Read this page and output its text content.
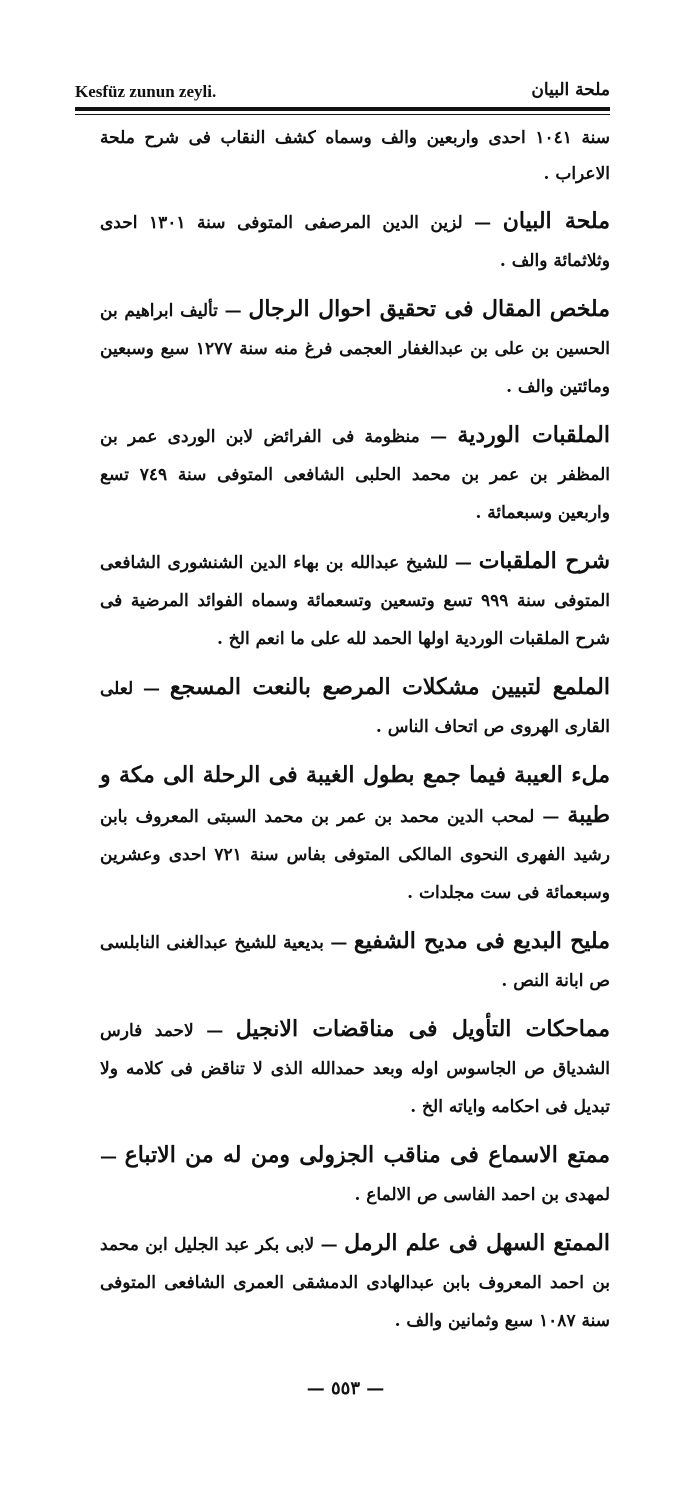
Kesfüz zunun zeyli.	ملحة البيان

سنة ١٠٤١ احدى واربعين والف وسماه كشف النقاب فى شرح ملحة الاعراب .

ملحة البيان — لزين الدين المرصفى المتوفى سنة ١٣٠١ احدى وثلاثمائة والف .

ملخص المقال فى تحقيق احوال الرجال — تأليف ابراهيم بن الحسين بن على بن عبدالغفار العجمى فرغ منه سنة ١٢٧٧ سبع وسبعين ومائتين والف .

الملقبات الوردية — منظومة فى الفرائض لابن الوردى عمر بن المظفر بن عمر بن محمد الحلبى الشافعى المتوفى سنة ٧٤٩ تسع واربعين وسبعمائة .

شرح الملقبات — للشيخ عبدالله بن بهاء الدين الشنشورى الشافعى المتوفى سنة ٩٩٩ تسع وتسعين وتسعمائة وسماه الفوائد المرضية فى شرح الملقبات الوردية اولها الحمد لله على ما انعم الخ .

الملمع لتبيين مشكلات المرصع بالنعت المسجع — لعلى القارى الهروى ص اتحاف الناس .

ملء العيبة فيما جمع بطول الغيبة فى الرحلة الى مكة و طيبة — لمحب الدين محمد بن عمر بن محمد السبتى المعروف بابن رشيد الفهرى النحوى المالكى المتوفى بفاس سنة ٧٢١ احدى وعشرين وسبعمائة فى ست مجلدات .

مليح البديع فى مديح الشفيع — بديعية للشيخ عبدالغنى النابلسى ص ابانة النص .

مماحكات التأويل فى مناقضات الانجيل — لاحمد فارس الشدياق ص الجاسوس اوله وبعد حمدالله الذى لا تناقض فى كلامه ولا تبديل فى احكامه واياته الخ .

ممتع الاسماع فى مناقب الجزولى ومن له من الاتباع — لمهدى بن احمد الفاسى ص الالماع .

الممتع السهل فى علم الرمل — لابى بكر عبد الجليل ابن محمد بن احمد المعروف بابن عبدالهادى الدمشقى العمرى الشافعى المتوفى سنة ١٠٨٧ سبع وثمانين والف .

— ٥٥٣ —
